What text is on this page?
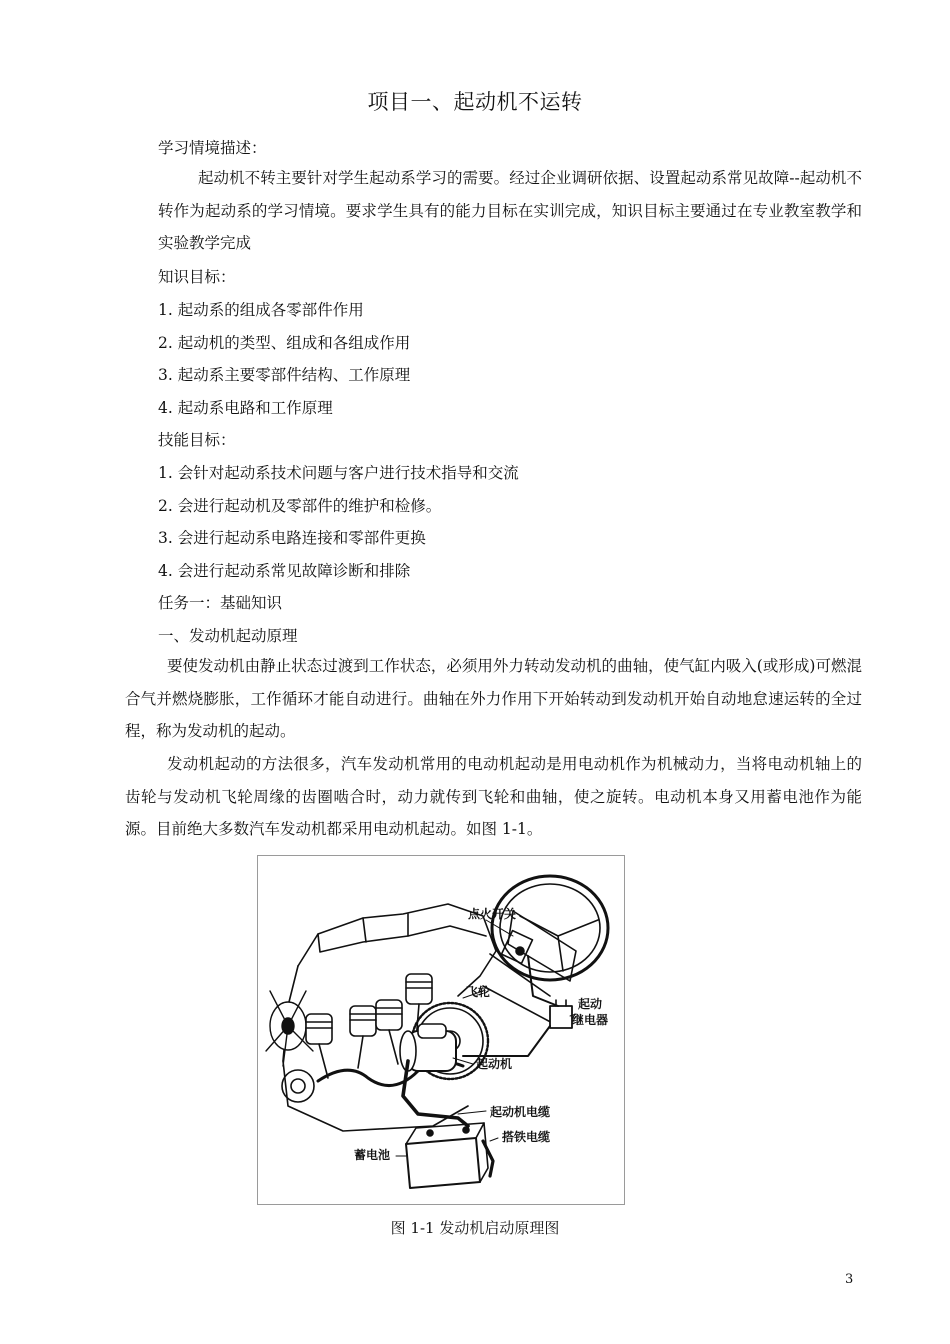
项目一、起动机不运转
学习情境描述：
起动机不转主要针对学生起动系学习的需要。经过企业调研依据、设置起动系常见故障--起动机不转作为起动系的学习情境。要求学生具有的能力目标在实训完成，知识目标主要通过在专业教室教学和实验教学完成
知识目标：
1. 起动系的组成各零部件作用
2. 起动机的类型、组成和各组成作用
3. 起动系主要零部件结构、工作原理
4. 起动系电路和工作原理
技能目标：
1. 会针对起动系技术问题与客户进行技术指导和交流
2. 会进行起动机及零部件的维护和检修。
3. 会进行起动系电路连接和零部件更换
4. 会进行起动系常见故障诊断和排除
任务一：基础知识
一、发动机起动原理
要使发动机由静止状态过渡到工作状态，必须用外力转动发动机的曲轴，使气缸内吸入(或形成)可燃混合气并燃烧膨胀，工作循环才能自动进行。曲轴在外力作用下开始转动到发动机开始自动地怠速运转的全过程，称为发动机的起动。
发动机起动的方法很多，汽车发动机常用的电动机起动是用电动机作为机械动力，当将电动机轴上的齿轮与发动机飞轮周缘的齿圈啮合时，动力就传到飞轮和曲轴，使之旋转。电动机本身又用蓄电池作为能源。目前绝大多数汽车发动机都采用电动机起动。如图 1-1。
点火开关
飞轮
起动
继电器
起动机
起动机电缆
搭铁电缆
蓄电池
图 1-1 发动机启动原理图
3
